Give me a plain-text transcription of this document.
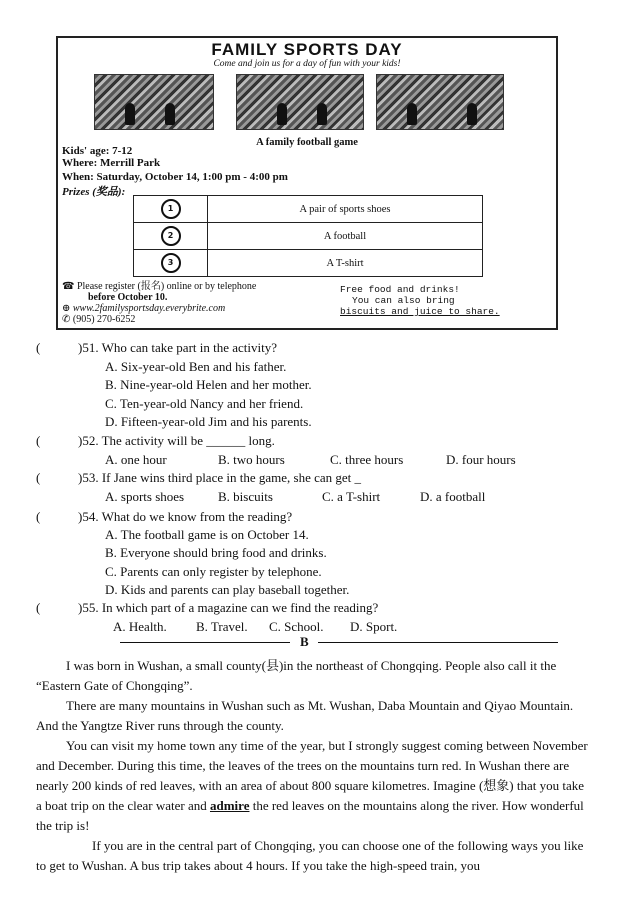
FAMILY SPORTS DAY
Come and join us for a day of fun with your kids!
A family football game
Kids' age: 7-12
Where: Merrill Park
When: Saturday, October 14, 1:00 pm - 4:00 pm
Prizes (奖品):
1	A pair of sports shoes
2	A football
3	A T-shirt
☎ Please register (报名) online or by telephone
before October 10.
⊕ www.2familysportsday.everybrite.com
✆ (905) 270-6252
Free food and drinks!
You can also bring
biscuits and juice to share.
(	)51. Who can take part in the activity?
A. Six-year-old Ben and his father.
B. Nine-year-old Helen and her mother.
C. Ten-year-old Nancy and her friend.
D. Fifteen-year-old Jim and his parents.
(	)52. The activity will be ______ long.
A. one hour	B. two hours	C. three hours	D. four hours
(	)53. If Jane wins third place in the game, she can get _
A. sports shoes	B. biscuits	C. a T-shirt	D. a football
(	)54. What do we know from the reading?
A. The football game is on October 14.
B. Everyone should bring food and drinks.
C. Parents can only register by telephone.
D. Kids and parents can play baseball together.
(	)55. In which part of a magazine can we find the reading?
A. Health. B. Travel. C. School. D. Sport.
B
I was born in Wushan, a small county(县)in the northeast of Chongqing. People also call it the “Eastern Gate of Chongqing”.
There are many mountains in Wushan such as Mt. Wushan, Daba Mountain and Qiyao Mountain. And the Yangtze River runs through the county.
You can visit my home town any time of the year, but I strongly suggest coming between November and December. During this time, the leaves of the trees on the mountains turn red. In Wushan there are nearly 200 kinds of red leaves, with an area of about 800 square kilometres. Imagine (想象) that you take a boat trip on the clear water and admire the red leaves on the mountains along the river. How wonderful the trip is!
If you are in the central part of Chongqing, you can choose one of the following ways you like to get to Wushan. A bus trip takes about 4 hours. If you take the high-speed train, you
